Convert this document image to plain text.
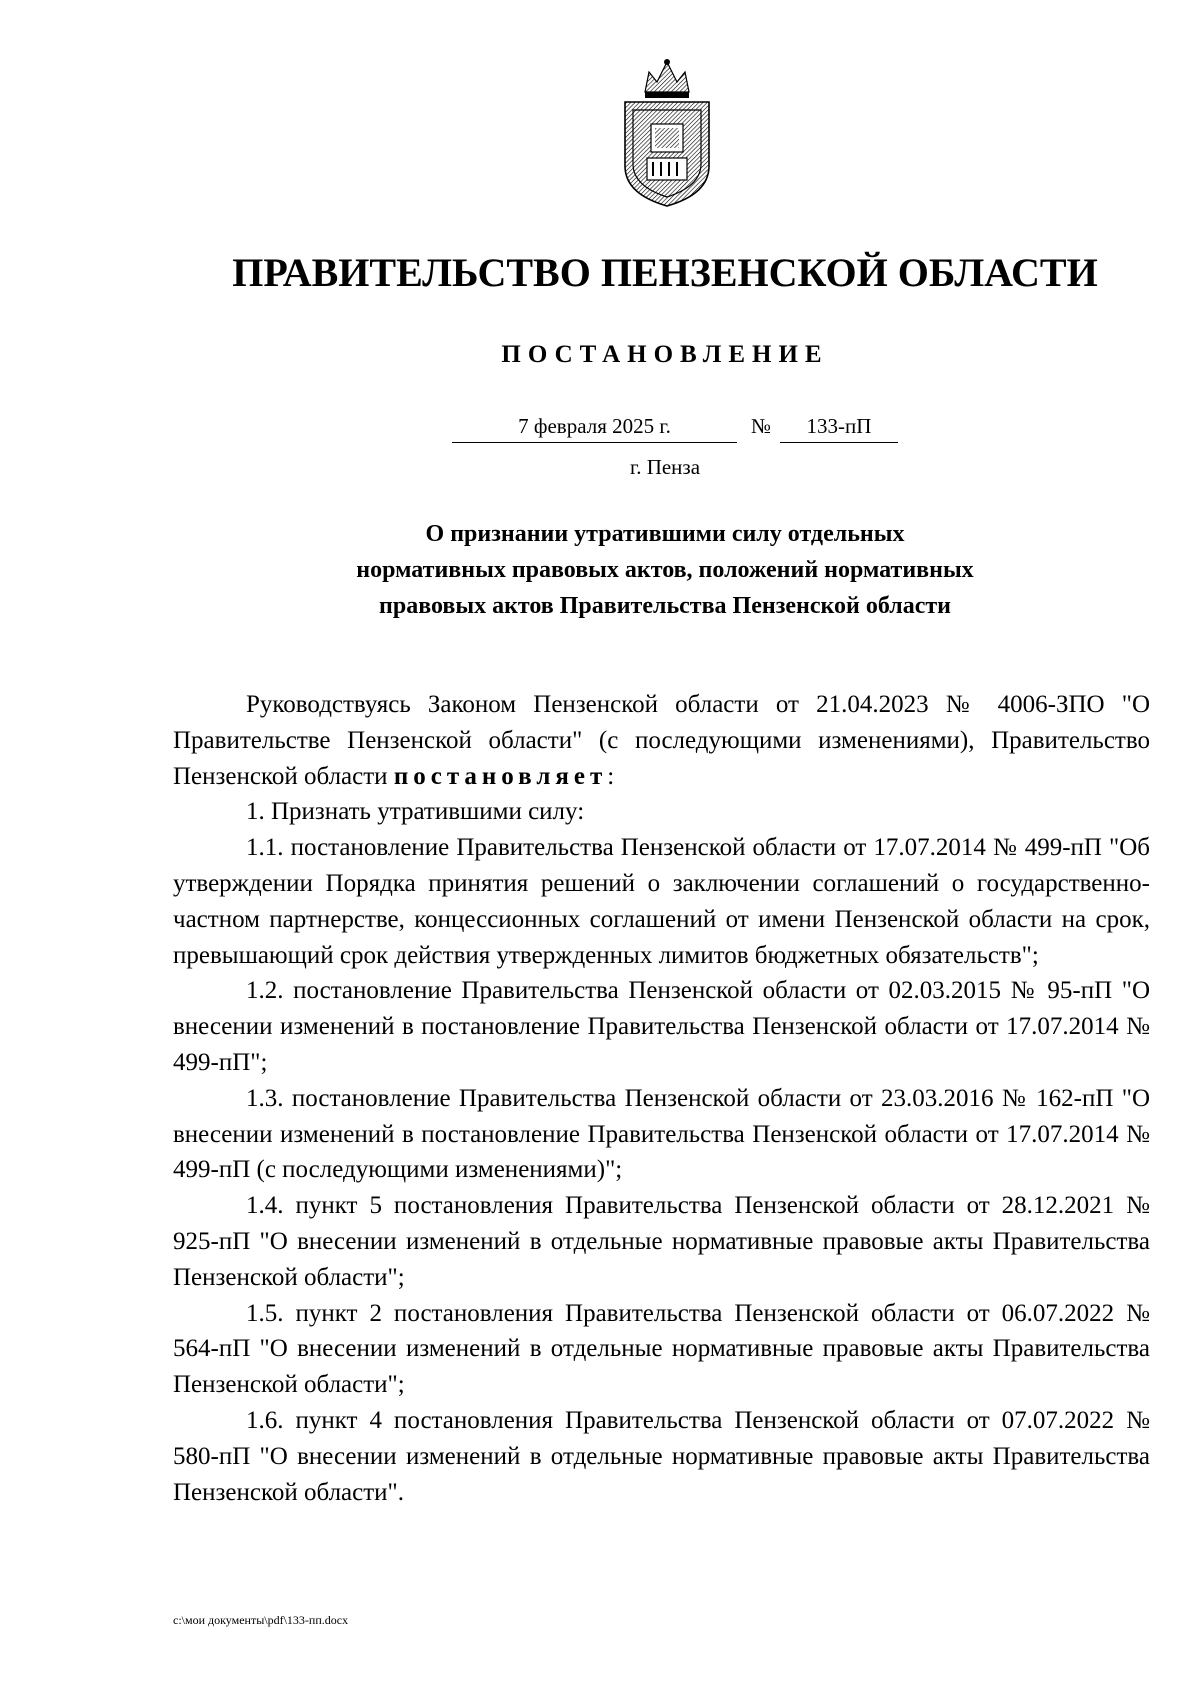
ПРАВИТЕЛЬСТВО ПЕНЗЕНСКОЙ ОБЛАСТИ
ПОСТАНОВЛЕНИЕ
7 февраля 2025 г.	№	133-пП
г. Пенза
О признании утратившими силу отдельных
нормативных правовых актов, положений нормативных
правовых актов Правительства Пензенской области

Руководствуясь Законом Пензенской области от 21.04.2023 № 4006-ЗПО "О Правительстве Пензенской области" (с последующими изменениями), Правительство Пензенской области постановляет:

1. Признать утратившими силу:

1.1. постановление Правительства Пензенской области от 17.07.2014 № 499-пП "Об утверждении Порядка принятия решений о заключении соглашений о государственно-частном партнерстве, концессионных соглашений от имени Пензенской области на срок, превышающий срок действия утвержденных лимитов бюджетных обязательств";

1.2. постановление Правительства Пензенской области от 02.03.2015 № 95-пП "О внесении изменений в постановление Правительства Пензенской области от 17.07.2014 № 499-пП";

1.3. постановление Правительства Пензенской области от 23.03.2016 № 162-пП "О внесении изменений в постановление Правительства Пензенской области от 17.07.2014 № 499-пП (с последующими изменениями)";

1.4. пункт 5 постановления Правительства Пензенской области от 28.12.2021 № 925-пП "О внесении изменений в отдельные нормативные правовые акты Правительства Пензенской области";

1.5. пункт 2 постановления Правительства Пензенской области от 06.07.2022 № 564-пП "О внесении изменений в отдельные нормативные правовые акты Правительства Пензенской области";

1.6. пункт 4 постановления Правительства Пензенской области от 07.07.2022 № 580-пП "О внесении изменений в отдельные нормативные правовые акты Правительства Пензенской области".

c:\мои документы\pdf\133-пп.docx
